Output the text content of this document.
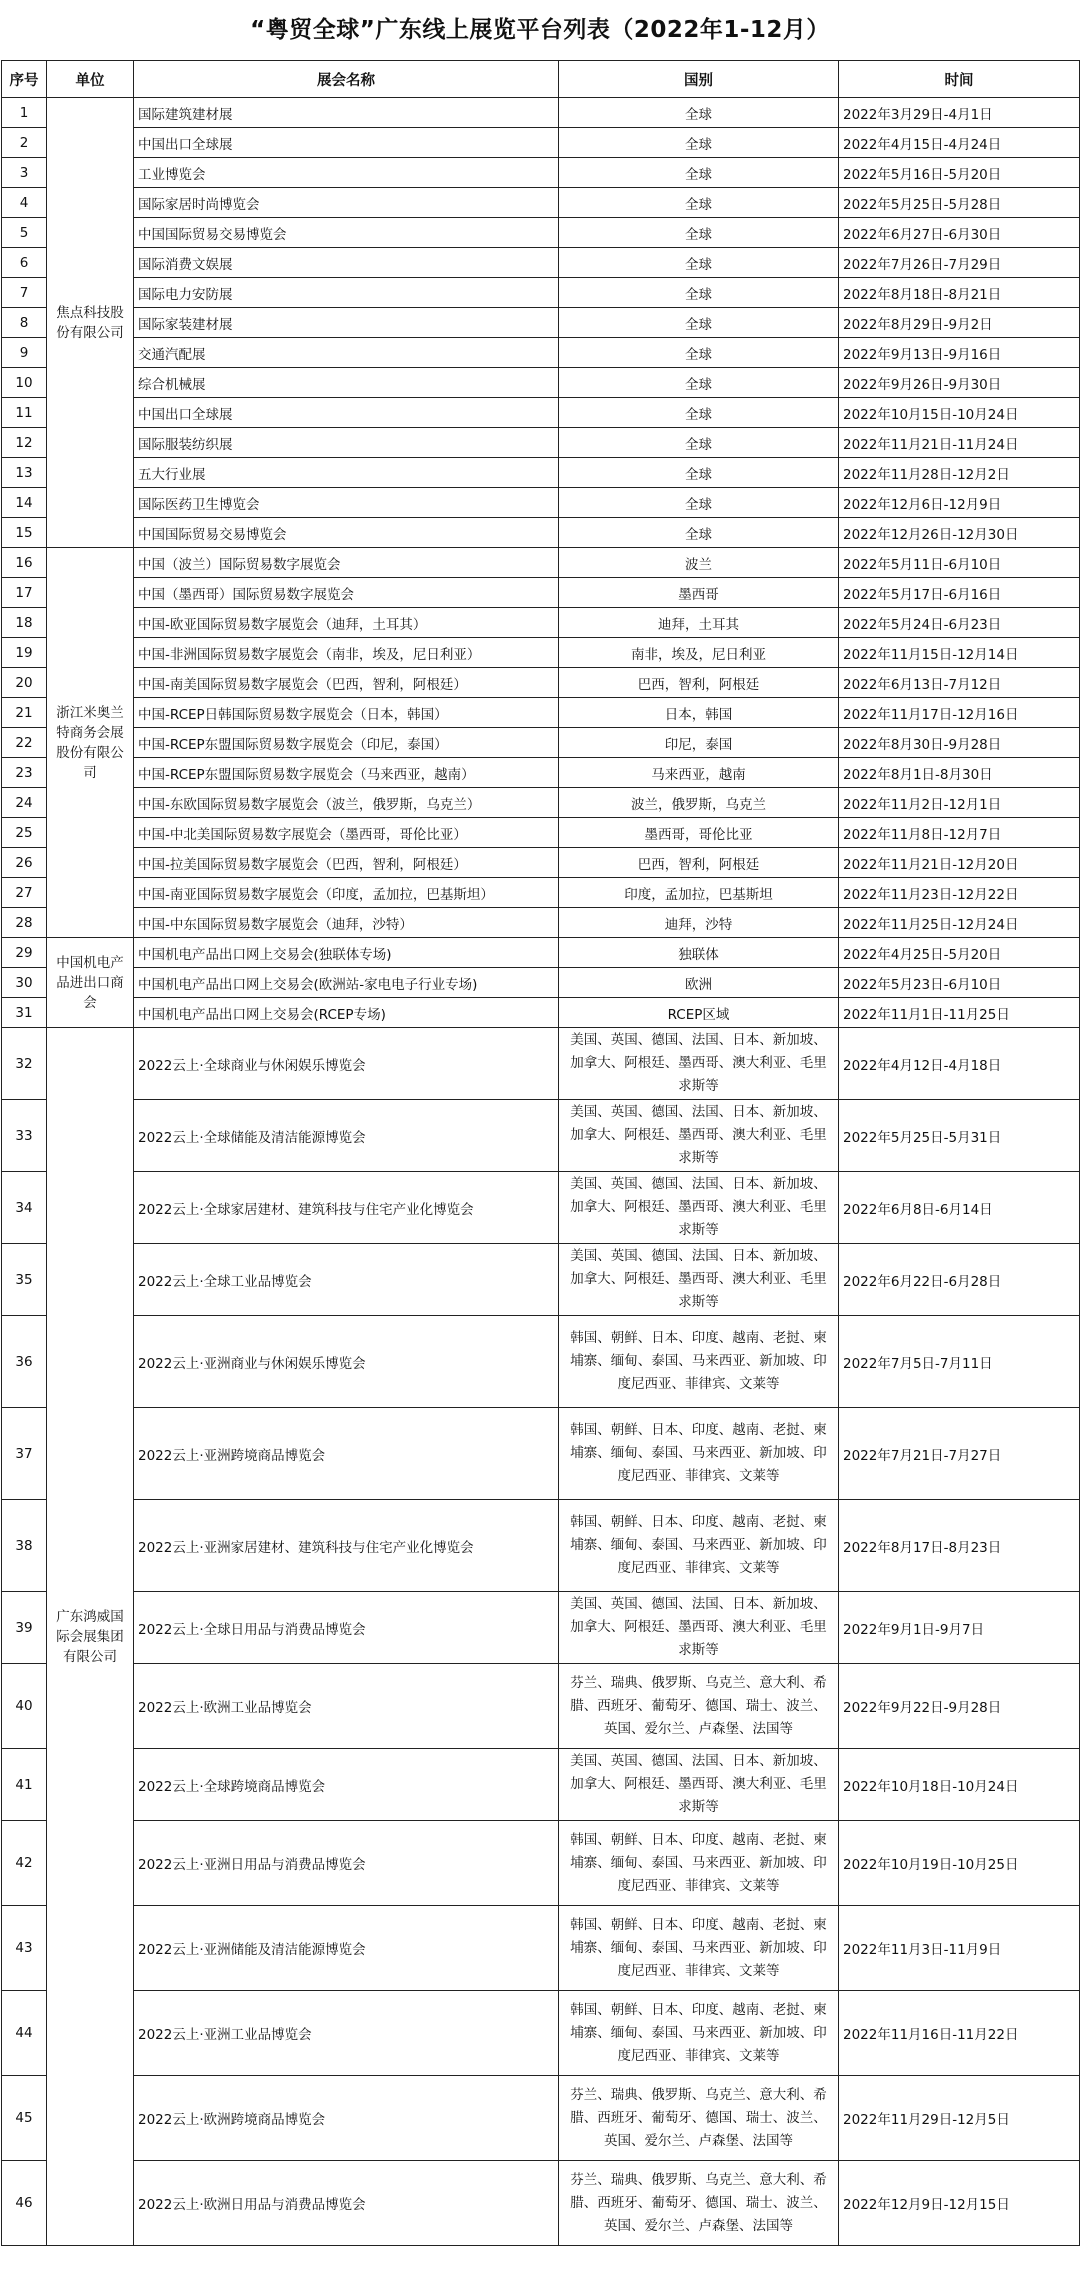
“粤贸全球”广东线上展览平台列表（2022年1-12月）
序号	单位	展会名称	国别	时间
1	焦点科技股份有限公司	国际建筑建材展	全球	2022年3月29日-4月1日
2		中国出口全球展	全球	2022年4月15日-4月24日
3		工业博览会	全球	2022年5月16日-5月20日
4		国际家居时尚博览会	全球	2022年5月25日-5月28日
5		中国国际贸易交易博览会	全球	2022年6月27日-6月30日
6		国际消费文娱展	全球	2022年7月26日-7月29日
7		国际电力安防展	全球	2022年8月18日-8月21日
8		国际家装建材展	全球	2022年8月29日-9月2日
9		交通汽配展	全球	2022年9月13日-9月16日
10		综合机械展	全球	2022年9月26日-9月30日
11		中国出口全球展	全球	2022年10月15日-10月24日
12		国际服装纺织展	全球	2022年11月21日-11月24日
13		五大行业展	全球	2022年11月28日-12月2日
14		国际医药卫生博览会	全球	2022年12月6日-12月9日
15		中国国际贸易交易博览会	全球	2022年12月26日-12月30日
16	浙江米奥兰特商务会展股份有限公司	中国（波兰）国际贸易数字展览会	波兰	2022年5月11日-6月10日
17		中国（墨西哥）国际贸易数字展览会	墨西哥	2022年5月17日-6月16日
18		中国-欧亚国际贸易数字展览会（迪拜，土耳其）	迪拜，土耳其	2022年5月24日-6月23日
19		中国-非洲国际贸易数字展览会（南非，埃及，尼日利亚）	南非，埃及，尼日利亚	2022年11月15日-12月14日
20		中国-南美国际贸易数字展览会（巴西，智利，阿根廷）	巴西，智利，阿根廷	2022年6月13日-7月12日
21		中国-RCEP日韩国际贸易数字展览会（日本，韩国）	日本，韩国	2022年11月17日-12月16日
22		中国-RCEP东盟国际贸易数字展览会（印尼，泰国）	印尼，泰国	2022年8月30日-9月28日
23		中国-RCEP东盟国际贸易数字展览会（马来西亚，越南）	马来西亚，越南	2022年8月1日-8月30日
24		中国-东欧国际贸易数字展览会（波兰，俄罗斯，乌克兰）	波兰，俄罗斯，乌克兰	2022年11月2日-12月1日
25		中国-中北美国际贸易数字展览会（墨西哥，哥伦比亚）	墨西哥，哥伦比亚	2022年11月8日-12月7日
26		中国-拉美国际贸易数字展览会（巴西，智利，阿根廷）	巴西，智利，阿根廷	2022年11月21日-12月20日
27		中国-南亚国际贸易数字展览会（印度，孟加拉，巴基斯坦）	印度，孟加拉，巴基斯坦	2022年11月23日-12月22日
28		中国-中东国际贸易数字展览会（迪拜，沙特）	迪拜，沙特	2022年11月25日-12月24日
29	中国机电产品进出口商会	中国机电产品出口网上交易会(独联体专场)	独联体	2022年4月25日-5月20日
30		中国机电产品出口网上交易会(欧洲站-家电电子行业专场)	欧洲	2022年5月23日-6月10日
31		中国机电产品出口网上交易会(RCEP专场)	RCEP区域	2022年11月1日-11月25日
32	广东鸿威国际会展集团有限公司	2022云上·全球商业与休闲娱乐博览会	美国、英国、德国、法国、日本、新加坡、加拿大、阿根廷、墨西哥、澳大利亚、毛里求斯等	2022年4月12日-4月18日
33		2022云上·全球储能及清洁能源博览会	美国、英国、德国、法国、日本、新加坡、加拿大、阿根廷、墨西哥、澳大利亚、毛里求斯等	2022年5月25日-5月31日
34		2022云上·全球家居建材、建筑科技与住宅产业化博览会	美国、英国、德国、法国、日本、新加坡、加拿大、阿根廷、墨西哥、澳大利亚、毛里求斯等	2022年6月8日-6月14日
35		2022云上·全球工业品博览会	美国、英国、德国、法国、日本、新加坡、加拿大、阿根廷、墨西哥、澳大利亚、毛里求斯等	2022年6月22日-6月28日
36		2022云上·亚洲商业与休闲娱乐博览会	韩国、朝鲜、日本、印度、越南、老挝、柬埔寨、缅甸、泰国、马来西亚、新加坡、印度尼西亚、菲律宾、文莱等	2022年7月5日-7月11日
37		2022云上·亚洲跨境商品博览会	韩国、朝鲜、日本、印度、越南、老挝、柬埔寨、缅甸、泰国、马来西亚、新加坡、印度尼西亚、菲律宾、文莱等	2022年7月21日-7月27日
38		2022云上·亚洲家居建材、建筑科技与住宅产业化博览会	韩国、朝鲜、日本、印度、越南、老挝、柬埔寨、缅甸、泰国、马来西亚、新加坡、印度尼西亚、菲律宾、文莱等	2022年8月17日-8月23日
39		2022云上·全球日用品与消费品博览会	美国、英国、德国、法国、日本、新加坡、加拿大、阿根廷、墨西哥、澳大利亚、毛里求斯等	2022年9月1日-9月7日
40		2022云上·欧洲工业品博览会	芬兰、瑞典、俄罗斯、乌克兰、意大利、希腊、西班牙、葡萄牙、德国、瑞士、波兰、英国、爱尔兰、卢森堡、法国等	2022年9月22日-9月28日
41		2022云上·全球跨境商品博览会	美国、英国、德国、法国、日本、新加坡、加拿大、阿根廷、墨西哥、澳大利亚、毛里求斯等	2022年10月18日-10月24日
42		2022云上·亚洲日用品与消费品博览会	韩国、朝鲜、日本、印度、越南、老挝、柬埔寨、缅甸、泰国、马来西亚、新加坡、印度尼西亚、菲律宾、文莱等	2022年10月19日-10月25日
43		2022云上·亚洲储能及清洁能源博览会	韩国、朝鲜、日本、印度、越南、老挝、柬埔寨、缅甸、泰国、马来西亚、新加坡、印度尼西亚、菲律宾、文莱等	2022年11月3日-11月9日
44		2022云上·亚洲工业品博览会	韩国、朝鲜、日本、印度、越南、老挝、柬埔寨、缅甸、泰国、马来西亚、新加坡、印度尼西亚、菲律宾、文莱等	2022年11月16日-11月22日
45		2022云上·欧洲跨境商品博览会	芬兰、瑞典、俄罗斯、乌克兰、意大利、希腊、西班牙、葡萄牙、德国、瑞士、波兰、英国、爱尔兰、卢森堡、法国等	2022年11月29日-12月5日
46		2022云上·欧洲日用品与消费品博览会	芬兰、瑞典、俄罗斯、乌克兰、意大利、希腊、西班牙、葡萄牙、德国、瑞士、波兰、英国、爱尔兰、卢森堡、法国等	2022年12月9日-12月15日
